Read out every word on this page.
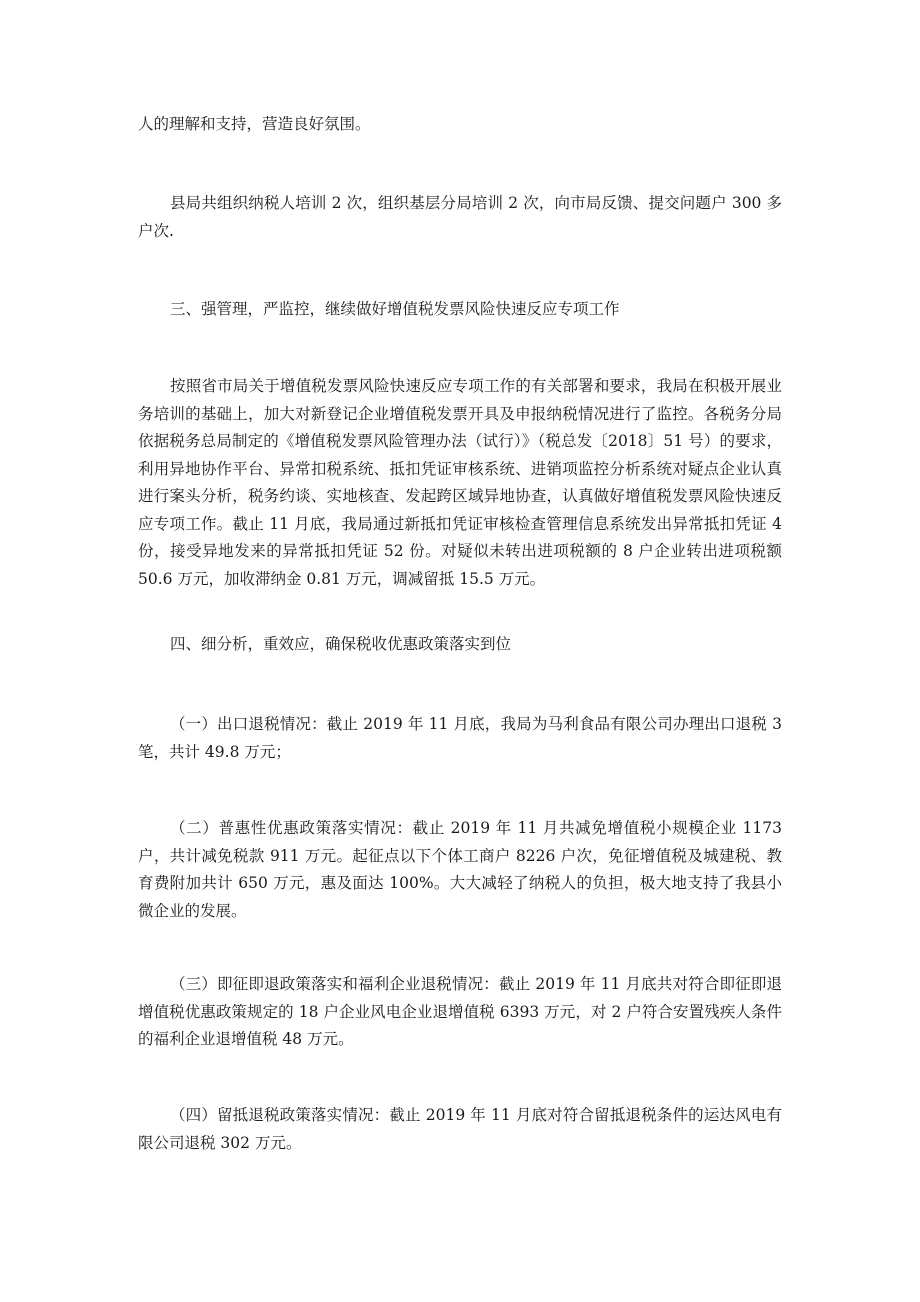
人的理解和支持，营造良好氛围。

县局共组织纳税人培训 2 次，组织基层分局培训 2 次，向市局反馈、提交问题户 300 多户次.

三、强管理，严监控，继续做好增值税发票风险快速反应专项工作

按照省市局关于增值税发票风险快速反应专项工作的有关部署和要求，我局在积极开展业务培训的基础上，加大对新登记企业增值税发票开具及申报纳税情况进行了监控。各税务分局依据税务总局制定的《增值税发票风险管理办法（试行）》（税总发〔2018〕51 号）的要求，利用异地协作平台、异常扣税系统、抵扣凭证审核系统、进销项监控分析系统对疑点企业认真进行案头分析，税务约谈、实地核查、发起跨区域异地协查，认真做好增值税发票风险快速反应专项工作。截止 11 月底，我局通过新抵扣凭证审核检查管理信息系统发出异常抵扣凭证 4 份，接受异地发来的异常抵扣凭证 52 份。对疑似未转出进项税额的 8 户企业转出进项税额 50.6 万元，加收滞纳金 0.81 万元，调减留抵 15.5 万元。

四、细分析，重效应，确保税收优惠政策落实到位

（一）出口退税情况：截止 2019 年 11 月底，我局为马利食品有限公司办理出口退税 3 笔，共计 49.8 万元；

（二）普惠性优惠政策落实情况：截止 2019 年 11 月共减免增值税小规模企业 1173 户，共计减免税款 911 万元。起征点以下个体工商户 8226 户次，免征增值税及城建税、教育费附加共计 650 万元，惠及面达 100%。大大减轻了纳税人的负担，极大地支持了我县小微企业的发展。

（三）即征即退政策落实和福利企业退税情况：截止 2019 年 11 月底共对符合即征即退增值税优惠政策规定的 18 户企业风电企业退增值税 6393 万元，对 2 户符合安置残疾人条件的福利企业退增值税 48 万元。

（四）留抵退税政策落实情况：截止 2019 年 11 月底对符合留抵退税条件的运达风电有限公司退税 302 万元。
